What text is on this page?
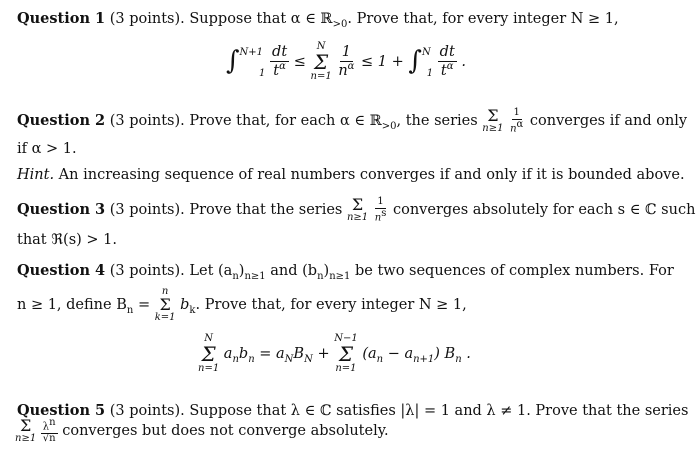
Question 1 (3 points). Suppose that α ∈ ℝ$_{>0}$. Prove that, for every integer N ≥ 1,
$\int^{N+1}_1 \frac{dt}{t^\alpha}$ ≤
N
Σ
n=1
$\frac{1}{n^\alpha} \le 1 + \int^N_1 \frac{dt}{t^\alpha}$ .
Question 2 (3 points). Prove that, for each α ∈ ℝ$_{>0}$, the series Σ
n≥1
$\frac{1}{n^\alpha}$ converges if and only
if α > 1.
Hint. An increasing sequence of real numbers converges if and only if it is bounded above.
Question 3 (3 points). Prove that the series Σ
n≥1
$\frac{1}{n^s}$ converges absolutely for each s ∈ ℂ such
that ℜ(s) > 1.
Question 4 (3 points). Let $(a_n)_{n\ge 1}$ and $(b_n)_{n\ge 1}$ be two sequences of complex numbers. For
n ≥ 1, define $B_n$ =
n
Σ
k=1
$b_k$. Prove that, for every integer N ≥ 1,
N
Σ
n=1
$a_nb_n = a_NB_N$ +
N−1
Σ
n=1
$(a_n - a_{n+1})$ $B_n$ .
Question 5 (3 points). Suppose that λ ∈ ℂ satisfies |λ| = 1 and λ ≠ 1. Prove that the series
Σ
n≥1
$\frac{\lambda^n}{√n}$ converges but does not converge absolutely.
